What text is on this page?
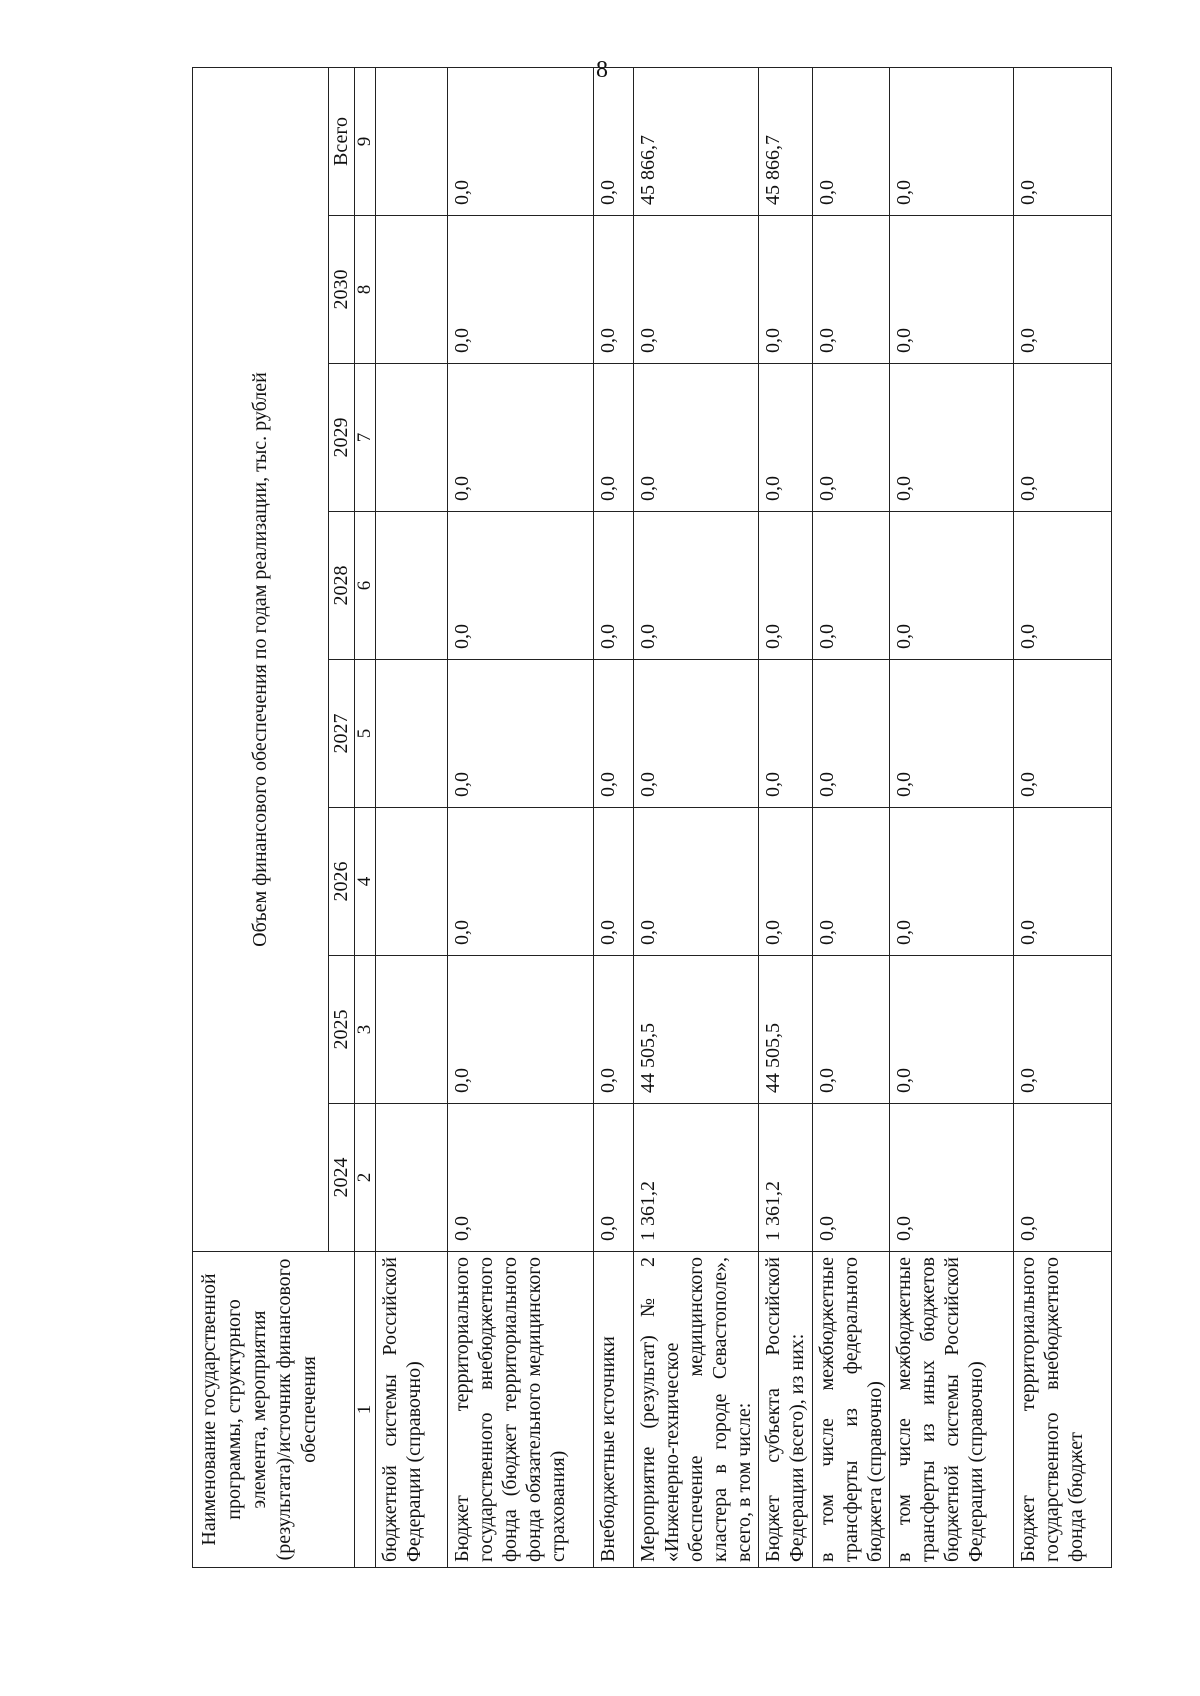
8
Наименование государственной программы, структурного элемента, мероприятия (результата)/источник финансового обеспечения	Объем финансового обеспечения по годам реализации, тыс. рублей							
	2024	2025	2026	2027	2028	2029	2030	Всего
1	2	3	4	5	6	7	8	9
бюджетной системы Российской Федерации (справочно)								
Бюджет территориального государственного внебюджетного фонда (бюджет территориального фонда обязательного медицинского страхования)	0,0	0,0	0,0	0,0	0,0	0,0	0,0	0,0
Внебюджетные источники	0,0	0,0	0,0	0,0	0,0	0,0	0,0	0,0
Мероприятие (результат) № 2 «Инженерно-техническое обеспечение медицинского кластера в городе Севастополе», всего, в том числе:	1 361,2	44 505,5	0,0	0,0	0,0	0,0	0,0	45 866,7
Бюджет субъекта Российской Федерации (всего), из них:	1 361,2	44 505,5	0,0	0,0	0,0	0,0	0,0	45 866,7
в том числе межбюджетные трансферты из федерального бюджета (справочно)	0,0	0,0	0,0	0,0	0,0	0,0	0,0	0,0
в том числе межбюджетные трансферты из иных бюджетов бюджетной системы Российской Федерации (справочно)	0,0	0,0	0,0	0,0	0,0	0,0	0,0	0,0
Бюджет территориального государственного внебюджетного фонда (бюджет	0,0	0,0	0,0	0,0	0,0	0,0	0,0	0,0
